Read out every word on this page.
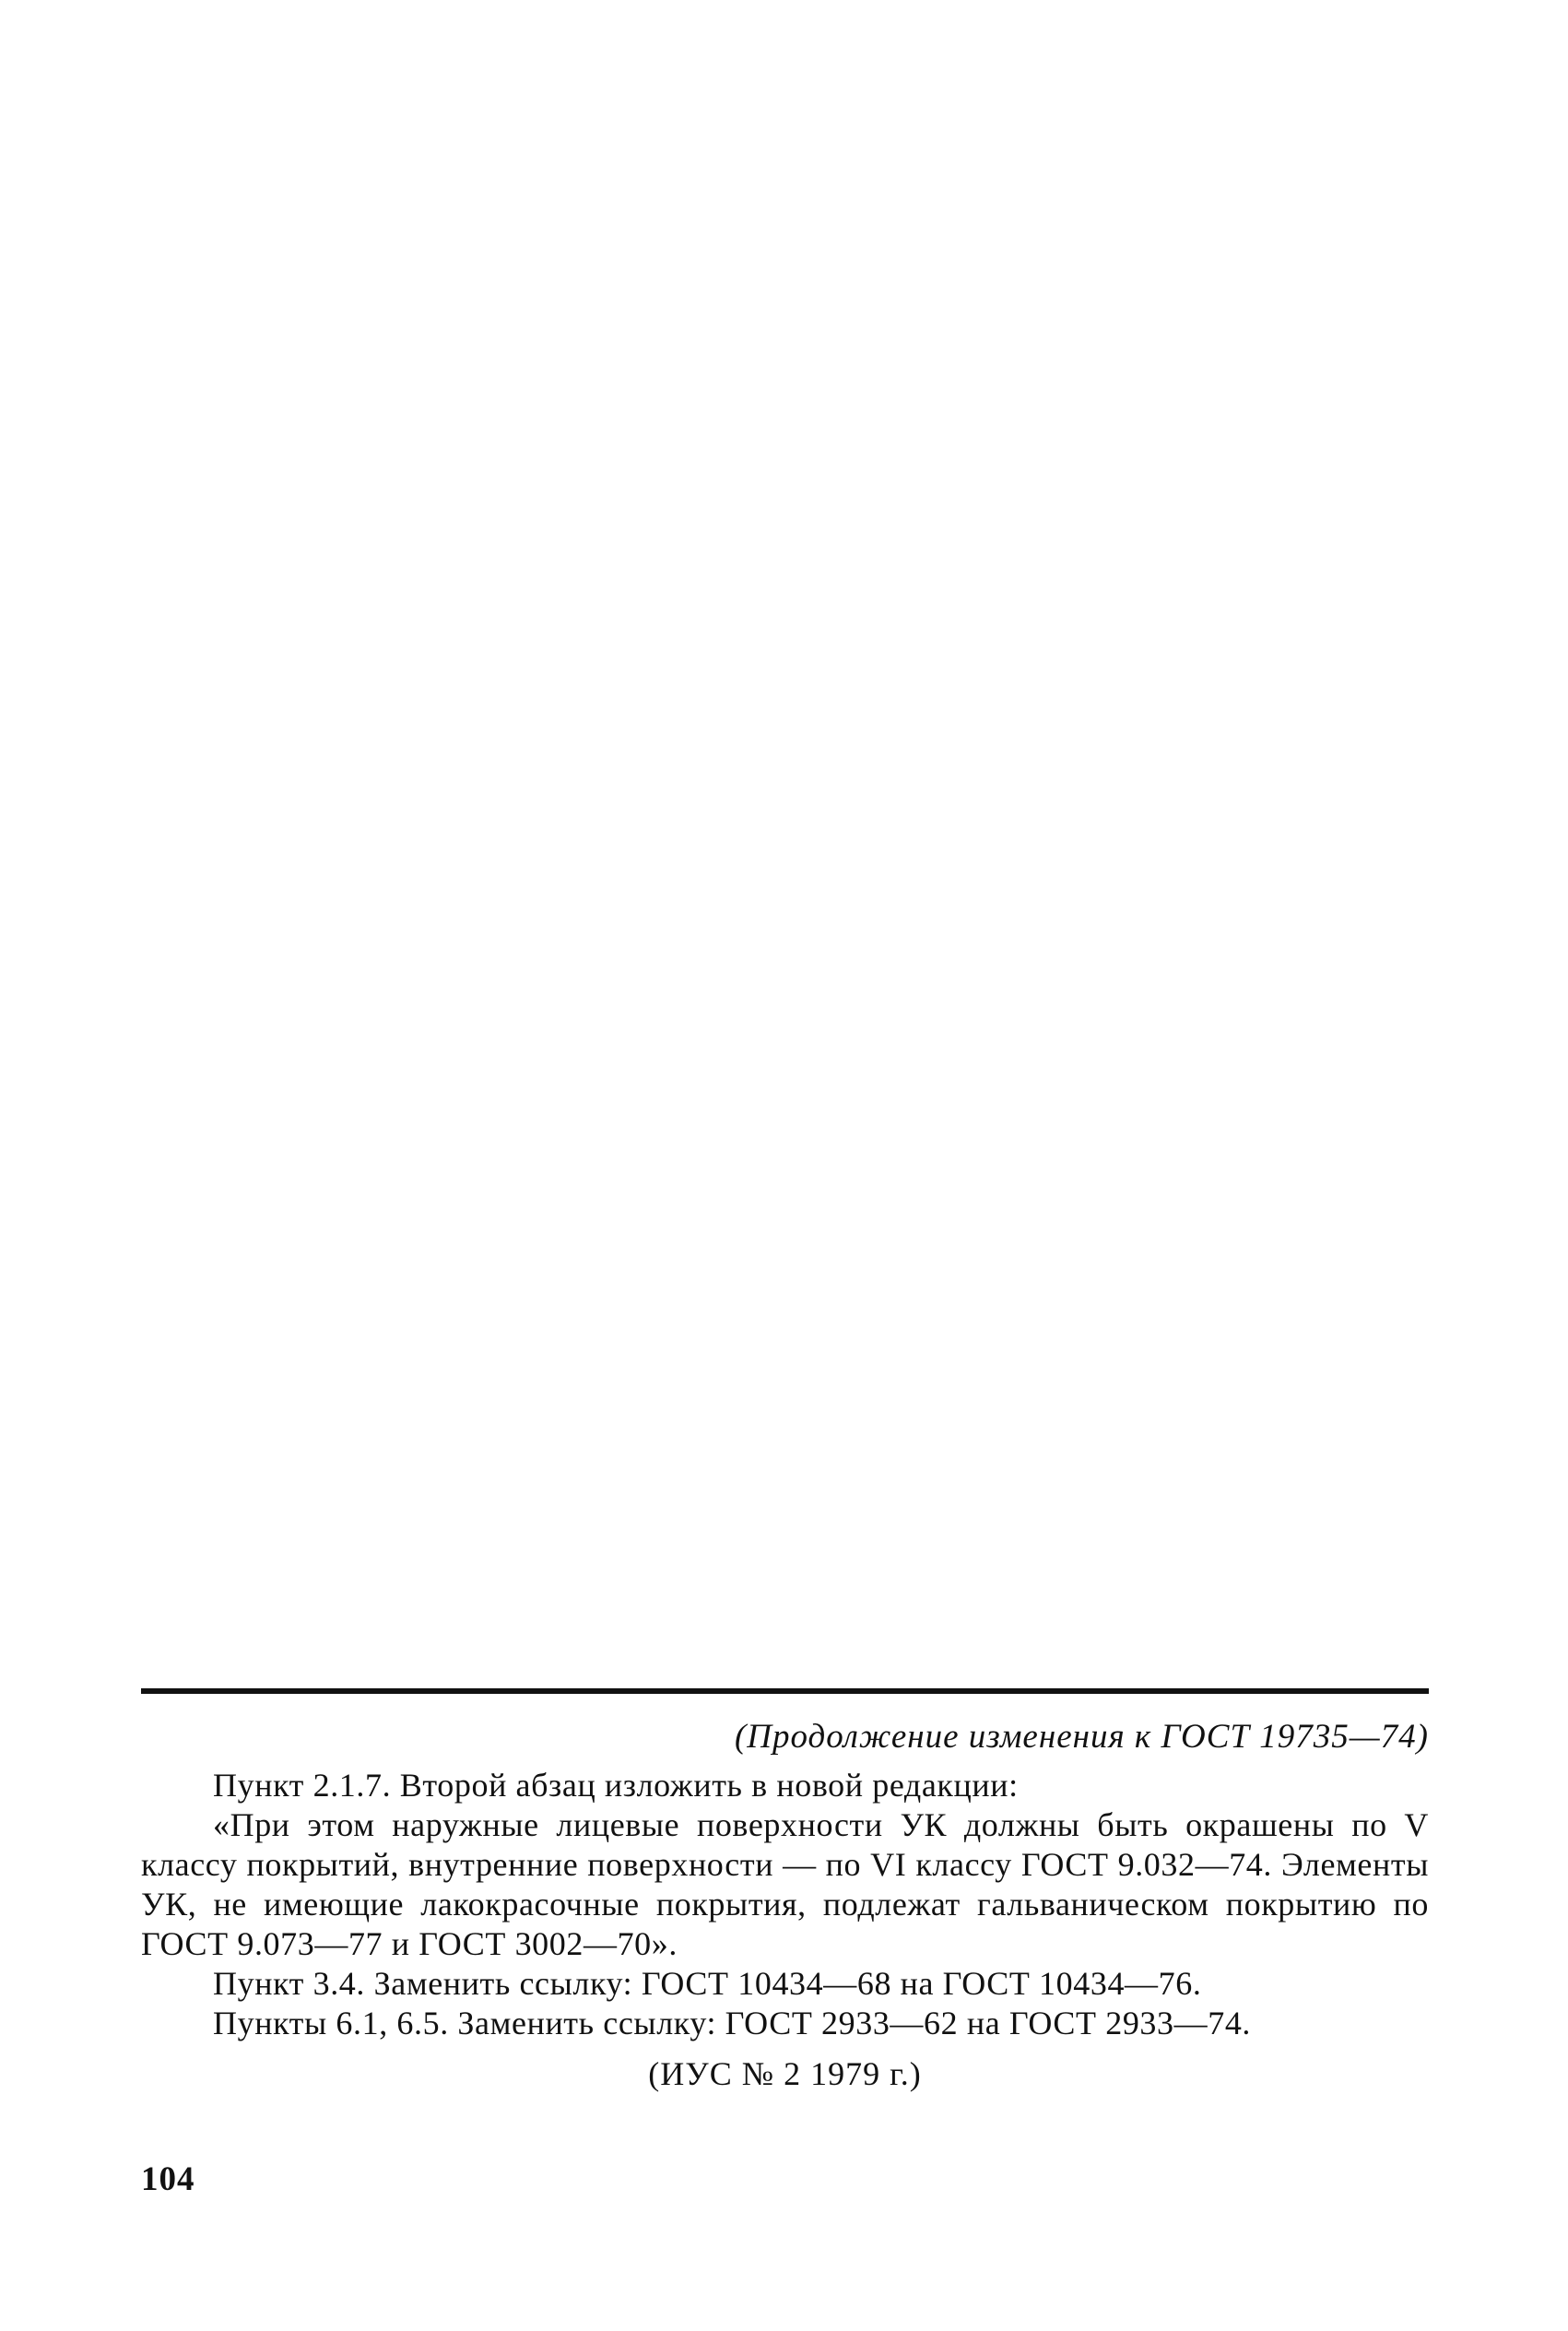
(Продолжение изменения к ГОСТ 19735—74)

Пункт 2.1.7. Второй абзац изложить в новой редакции:

«При этом наружные лицевые поверхности УК должны быть окрашены по V классу покрытий, внутренние поверхности — по VI классу ГОСТ 9.032—74. Элементы УК, не имеющие лакокрасочные покрытия, подлежат гальваническом покрытию по ГОСТ 9.073—77 и ГОСТ 3002—70».

Пункт 3.4. Заменить ссылку: ГОСТ 10434—68 на ГОСТ 10434—76.

Пункты 6.1, 6.5. Заменить ссылку: ГОСТ 2933—62 на ГОСТ 2933—74.

(ИУС № 2 1979 г.)
104
